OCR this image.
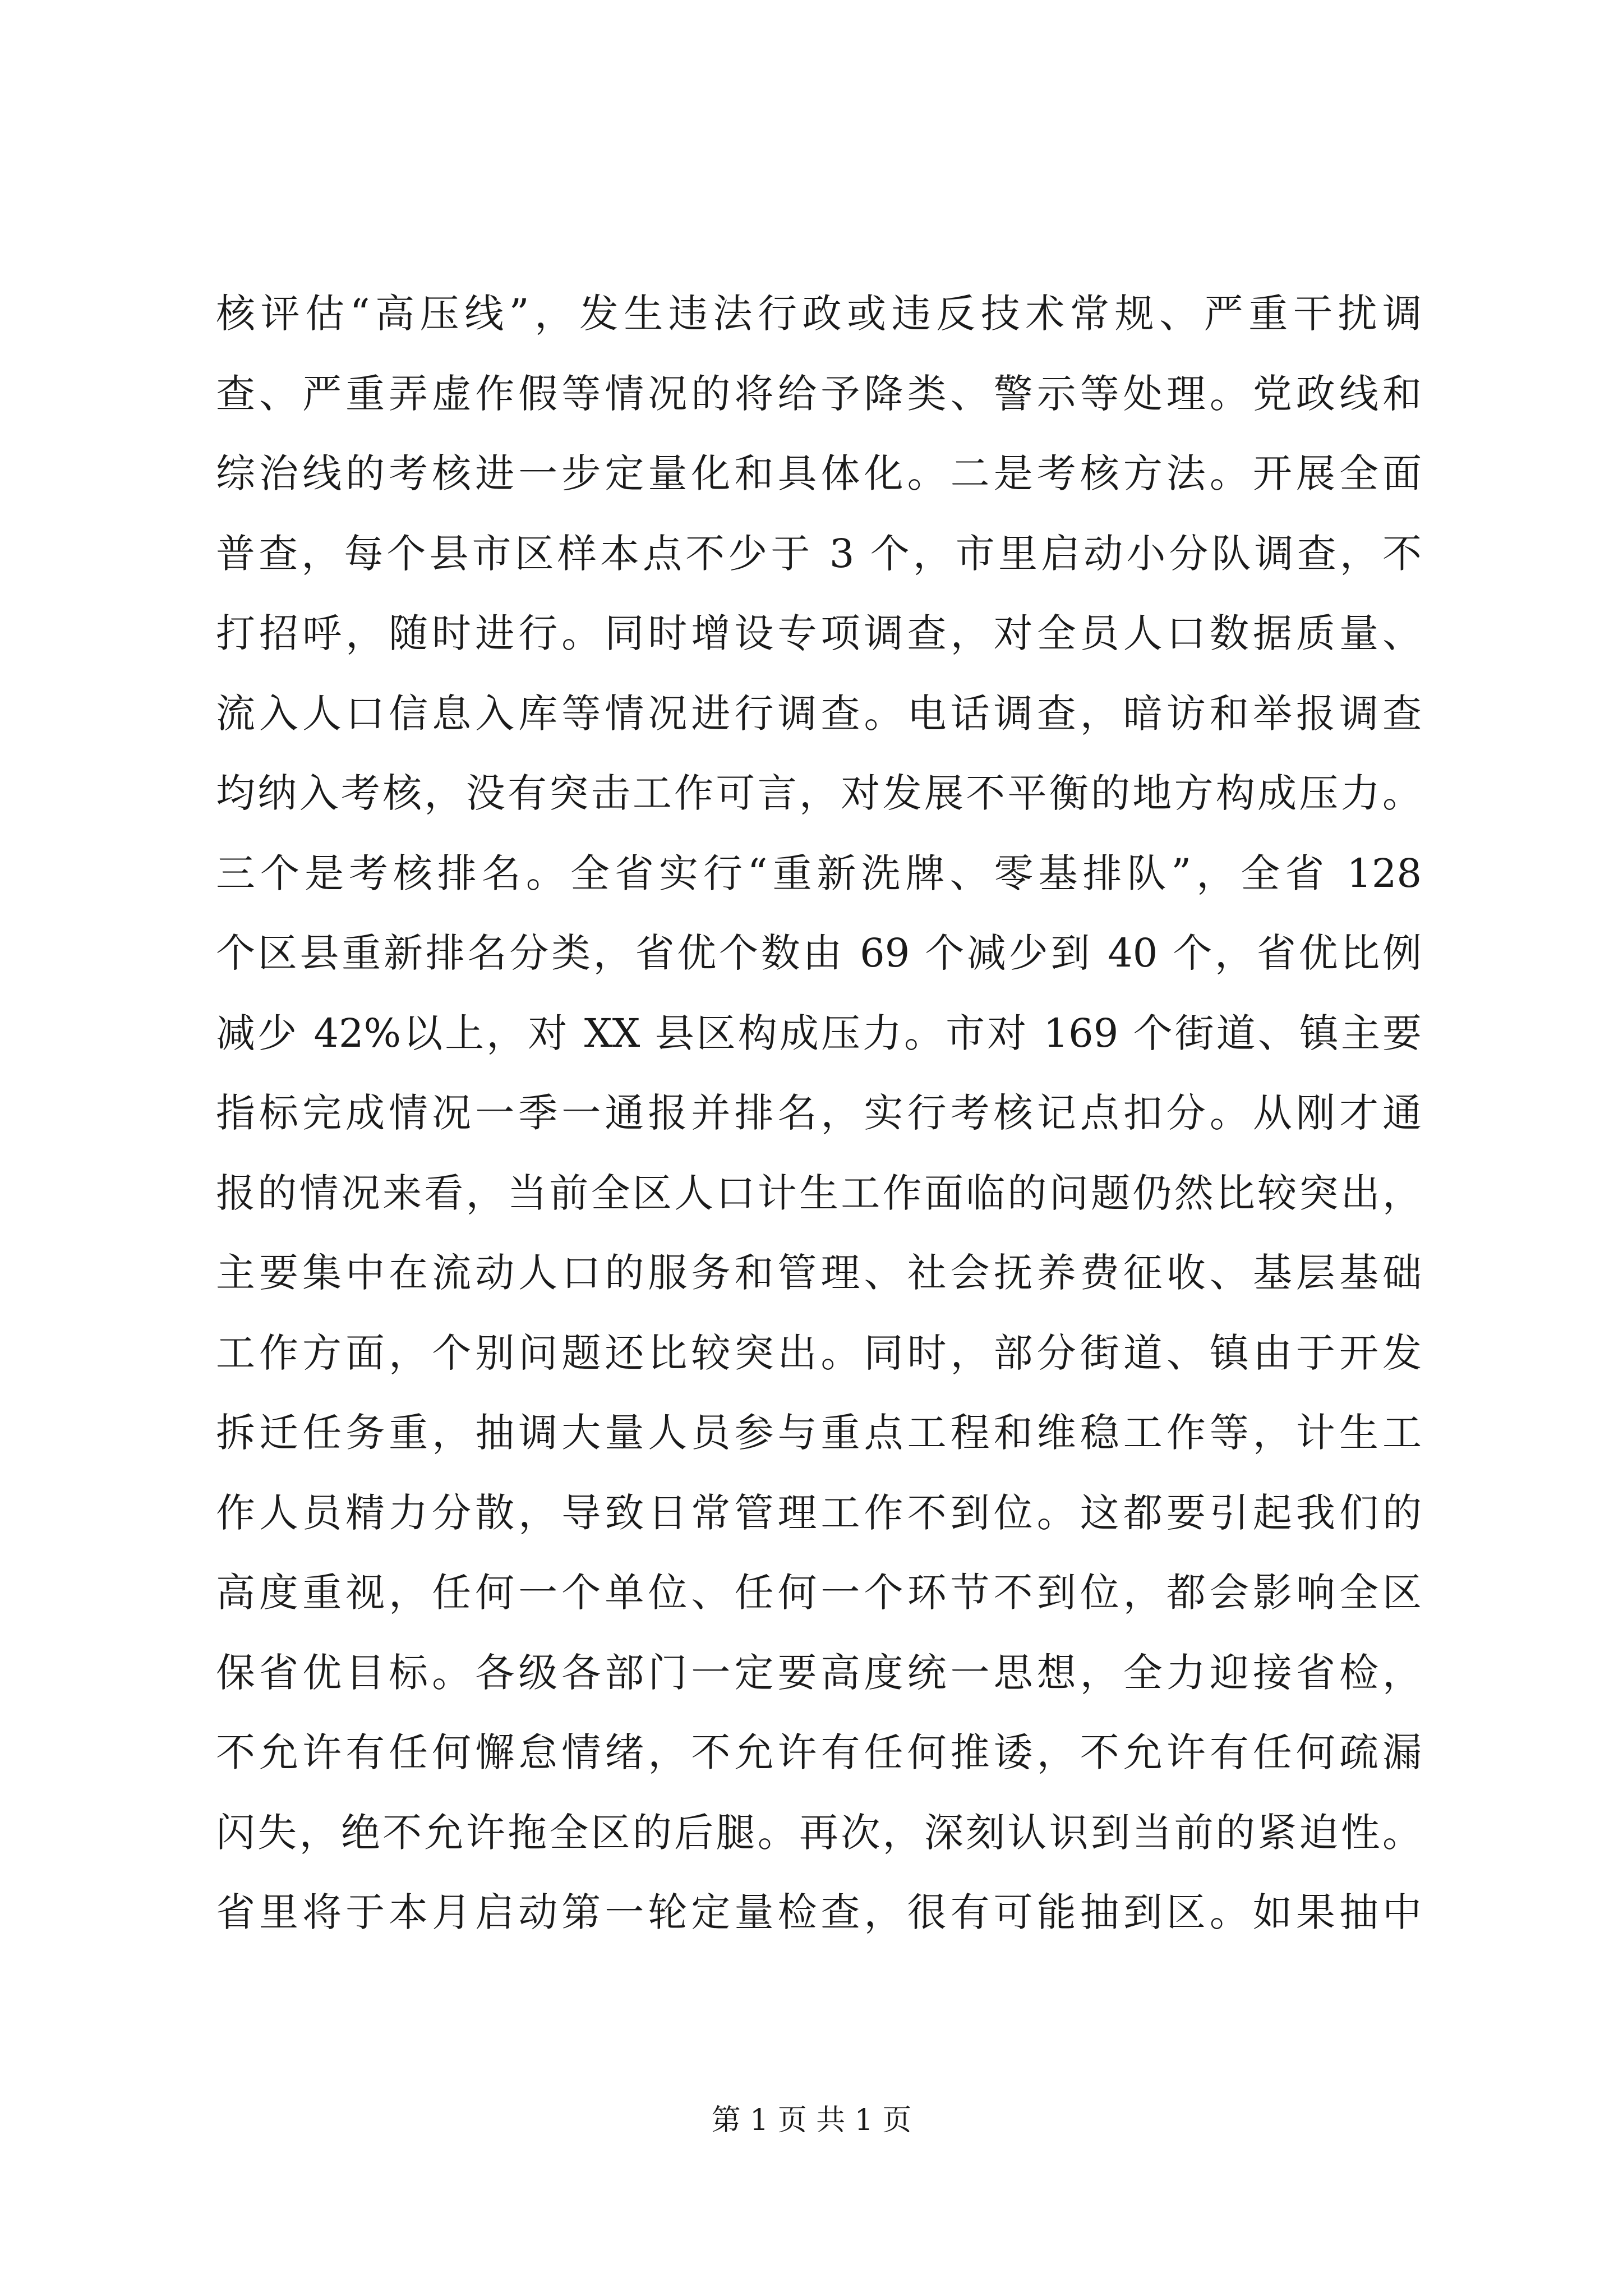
核评估“高压线”，发生违法行政或违反技术常规、严重干扰调
查、严重弄虚作假等情况的将给予降类、警示等处理。党政线和
综治线的考核进一步定量化和具体化。二是考核方法。开展全面
普查，每个县市区样本点不少于 3 个，市里启动小分队调查，不
打招呼，随时进行。同时增设专项调查，对全员人口数据质量、
流入人口信息入库等情况进行调查。电话调查，暗访和举报调查
均纳入考核，没有突击工作可言，对发展不平衡的地方构成压力。
三个是考核排名。全省实行“重新洗牌、零基排队”，全省 128
个区县重新排名分类，省优个数由 69 个减少到 40 个，省优比例
减少 42%以上，对 XX 县区构成压力。市对 169 个街道、镇主要
指标完成情况一季一通报并排名，实行考核记点扣分。从刚才通
报的情况来看，当前全区人口计生工作面临的问题仍然比较突出，
主要集中在流动人口的服务和管理、社会抚养费征收、基层基础
工作方面，个别问题还比较突出。同时，部分街道、镇由于开发
拆迁任务重，抽调大量人员参与重点工程和维稳工作等，计生工
作人员精力分散，导致日常管理工作不到位。这都要引起我们的
高度重视，任何一个单位、任何一个环节不到位，都会影响全区
保省优目标。各级各部门一定要高度统一思想，全力迎接省检，
不允许有任何懈怠情绪，不允许有任何推诿，不允许有任何疏漏
闪失，绝不允许拖全区的后腿。再次，深刻认识到当前的紧迫性。
省里将于本月启动第一轮定量检查，很有可能抽到区。如果抽中
第 1 页 共 1 页
